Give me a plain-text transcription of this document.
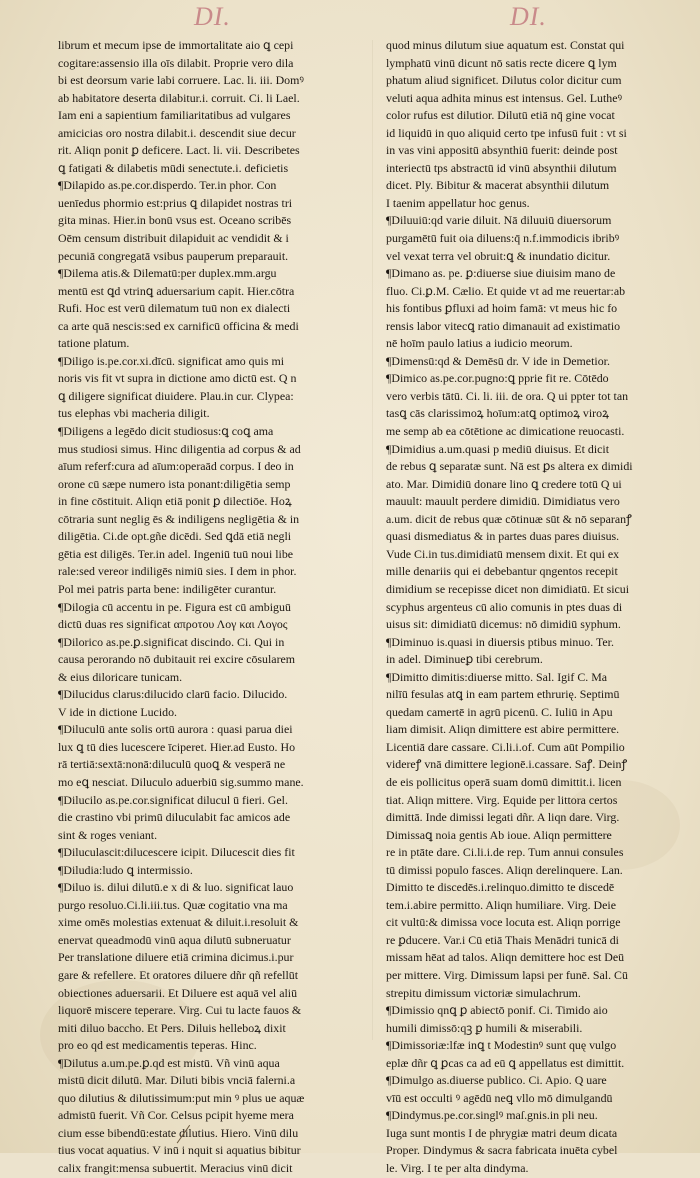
DI.	DI.
librum et mecum ipse de immortalitate aio ꝗ cepi
cogitare:assensio illa oīs dilabit. Proprie vero dila
bi est deorsum varie labi corruere. Lac. li. iii. Domꝰ
ab habitatore deserta dilabitur.i. corruit. Ci. li Lael.
Iam eni a sapientium familiaritatibus ad vulgares
amicicias oro nostra dilabit.i. descendit siue decur
rit. Aliqn ponit ꝑ deficere. Lact. li. vii. Describetes
ꝗ fatigati & dilabetis mūdi senectute.i. deficietis
¶Dilapido as.pe.cor.disperdo. Ter.in phor. Con
uenīedus phormio est:prius ꝗ dilapidet nostras tri
gita minas. Hier.in bonū vsus est. Oceano scribēs
Oēm censum distribuit dilapiduit ac vendidit & i
pecuniā congregatā vsibus pauperum preparauit.
¶Dilema atis.& Dilematū:per duplex.mm.argu
mentū est ꝗd vtrinꝗ aduersarium capit. Hier.cōtra
Rufi. Hoc est verū dilematum tuū non ex dialecti
ca arte quā nescis:sed ex carnificū officina & medi
tatione platum.
¶Diligo is.pe.cor.xi.dīcū. significat amo quis mi
noris vis fit vt supra in dictione amo dictū est. Q n
ꝗ diligere significat diuidere. Plau.in cur. Clypea:
tus elephas vbi macheria diligit.
¶Diligens a legēdo dicit studiosus:ꝗ coꝗ ama
mus studiosi simus. Hinc diligentia ad corpus & ad
aīum referf:cura ad aīum:operaād corpus. I deo in
orone cū sæpe numero ista ponant:diligētia semp
in fine cōstituit. Aliqn etiā ponit ꝑ dilectiōe. Hoꝝ
cōtraria sunt neglig ēs & indiligens negligētia & in
diligētia. Ci.de opt.gñe dicēdi. Sed ꝗdā etiā negli
gētia est diligēs. Ter.in adel. Ingeniū tuū noui libe
rale:sed vereor indiligēs nimiū sies. I dem in phor.
Pol mei patris parta bene: indiligēter curantur.
¶Dilogia cū accentu in pe. Figura est cū ambiguū
dictū duas res significat απροτου Λογ και Λογος
¶Dilorico as.pe.ꝑ.significat discindo. Ci. Qui in
causa perorando nō dubitauit rei excire cōsularem
& eius diloricare tunicam.
¶Dilucidus clarus:dilucido clarū facio. Dilucido.
V ide in dictione Lucido.
¶Diluculū ante solis ortū aurora : quasi parua diei
lux ꝗ tū dies lucescere īciperet. Hier.ad Eusto. Ho
rā tertiā:sextā:nonā:diluculū quoꝗ & vesperā ne
mo eꝗ nesciat. Diluculo aduerbiū sig.summo mane.
¶Dilucilo as.pe.cor.significat dilucul ū fieri. Gel.
die crastino vbi primū diluculabit fac amicos ade
sint & roges veniant.
¶Diluculascit:dilucescere icipit. Dilucescit dies fit
¶Diludia:ludo ꝗ intermissio.
¶Diluo is. dilui dilutū.e x di & luo. significat lauo
purgo resoluo.Ci.li.iii.tus. Quæ cogitatio vna ma
xime omēs molestias extenuat & diluit.i.resoluit &
enervat queadmodū vinū aqua dilutū subneruatur
Per translatione diluere etiā crimina dicimus.i.pur
gare & refellere. Et oratores diluere dñr qñ refellūt
obiectiones aduersarii. Et Diluere est aquā vel aliū
liquorē miscere teperare. Virg. Cui tu lacte fauos &
miti diluo baccho. Et Pers. Diluis helleboꝝ dixit
pro eo qd est medicamentis teperas. Hinc.
¶Dilutus a.um.pe.ꝑ.qd est mistū. Vñ vinū aqua
mistū dicit dilutū. Mar. Diluti bibis vnciā falerni.a
quo dilutius & dilutissimum:put min ꝰ plus ue aquæ
admistū fuerit. Vñ Cor. Celsus pcipit hyeme mera
cium esse bibendū:estate dilutius. Hiero. Vinū dilu
tius vocat aquatius. V inū i nquit si aquatius bibitur
calix frangit:mensa subuertit. Meracius vinū dicit
quod minus dilutum siue aquatum est. Constat qui
lymphatū vinū dicunt nō satis recte dicere ꝗ lym
phatum aliud significet. Dilutus color dicitur cum
veluti aqua adhita minus est intensus. Gel. Lutheꝰ
color rufus est dilutior. Dilutū etiā nq̄ gine vocat
id liquidū in quo aliquid certo tpe infusū fuit : vt si
in vas vini appositū absynthiū fuerit: deinde post
interiectū tps abstractū id vinū absynthii dilutum
dicet. Ply. Bibitur & macerat absynthii dilutum
I taenim appellatur hoc genus.
¶Diluuiū:qd varie diluit. Nā diluuiū diuersorum
purgamētū fuit oia diluens:q̄ n.f.immodicis ibribꝰ
vel vexat terra vel obruit:ꝗ & inundatio dicitur.
¶Dimano as. pe. ꝑ:diuerse siue diuisim mano de
fluo. Ci.ꝑ.M. Cælio. Et quide vt ad me reuertar:ab
his fontibus ꝑfluxi ad hoim famā: vt meus hic fo
rensis labor vitecꝗ ratio dimanauit ad existimatio
nē hoīm paulo latius a iudicio meorum.
¶Dimensū:qd & Demēsū dr. V ide in Demetior.
¶Dimico as.pe.cor.pugno:ꝗ pprie fit re. Cōtēdo
vero verbis tātū. Ci. li. iii. de ora. Q ui ppter tot tan
tasꝗ cās clarissimoꝝ hoīum:atꝗ optimoꝝ viroꝝ
me semp ab ea cōtētione ac dimicatione reuocasti.
¶Dimidius a.um.quasi p mediū diuisus. Et dicit
de rebus ꝗ separatæ sunt. Nā est ꝑs altera ex dimidi
ato. Mar. Dimidiū donare lino ꝗ credere totū Q ui
mauult: mauult perdere dimidiū. Dimidiatus vero
a.um. dicit de rebus quæ cōtinuæ sūt & nō separanꝭ
quasi dismediatus & in partes duas pares diuisus.
Vude Ci.in tus.dimidiatū mensem dixit. Et qui ex
mille denariis qui ei debebantur qngentos recepit
dimidium se recepisse dicet non dimidiatū. Et sicui
scyphus argenteus cū alio comunis in ptes duas di
uisus sit: dimidiatū dicemus: nō dimidiū syphum.
¶Diminuo is.quasi in diuersis ptibus minuo. Ter.
in adel. Diminueꝑ tibi cerebrum.
¶Dimitto dimitis:diuerse mitto. Sal. Igif C. Ma
nilīū fesulas atꝗ in eam partem ethrurię. Septimū
quedam camertē in agrū picenū. C. Iuliū in Apu
liam dimisit. Aliqn dimittere est abire permittere.
Licentiā dare cassare. Ci.li.i.of. Cum aūt Pompilio
videreꝭ vnā dimittere legionē.i.cassare. Saꝭ. Deinꝭ
de eis pollicitus operā suam domū dimittit.i. licen
tiat. Aliqn mittere. Virg. Equide per littora certos
dimittā. Inde dimissi legati dñr. A liqn dare. Virg.
Dimissaꝗ noia gentis Ab ioue. Aliqn permittere
re in ptāte dare. Ci.li.i.de rep. Tum annui consules
tū dimissi populo fasces. Aliqn derelinquere. Lan.
Dimitto te discedēs.i.relinquo.dimitto te discedē
tem.i.abire permitto. Aliqn humiliare. Virg. Deie
cit vultū:& dimissa voce locuta est. Aliqn porrige
re ꝑducere. Var.i Cū etiā Thais Menādri tunicā di
missam hēat ad talos. Aliqn demittere hoc est Deū
per mittere. Virg. Dimissum lapsi per funē. Sal. Cū
strepitu dimissum victoriæ simulachrum.
¶Dimissio qnꝗ ꝑ abiectō ponif. Ci. Timido aio
humili dimissō:qꝫ ꝑ humili & miserabili.
¶Dimissoriæ:lfæ inꝗ t Modestinꝰ sunt quę vulgo
eplæ dñr ꝗ ꝑcas ca ad eū ꝗ appellatus est dimittit.
¶Dimulgo as.diuerse publico. Ci. Apio. Q uare
vīū est occulti ꝰ agēdū neꝗ vllo mō dimulgandū
¶Dindymus.pe.cor.singlꝰ maſ.gnis.in pli neu.
Iuga sunt montis I de phrygiæ matri deum dicata
Proper. Dindymus & sacra fabricata inuēta cybel
le. Virg. I te per alta dindyma.
